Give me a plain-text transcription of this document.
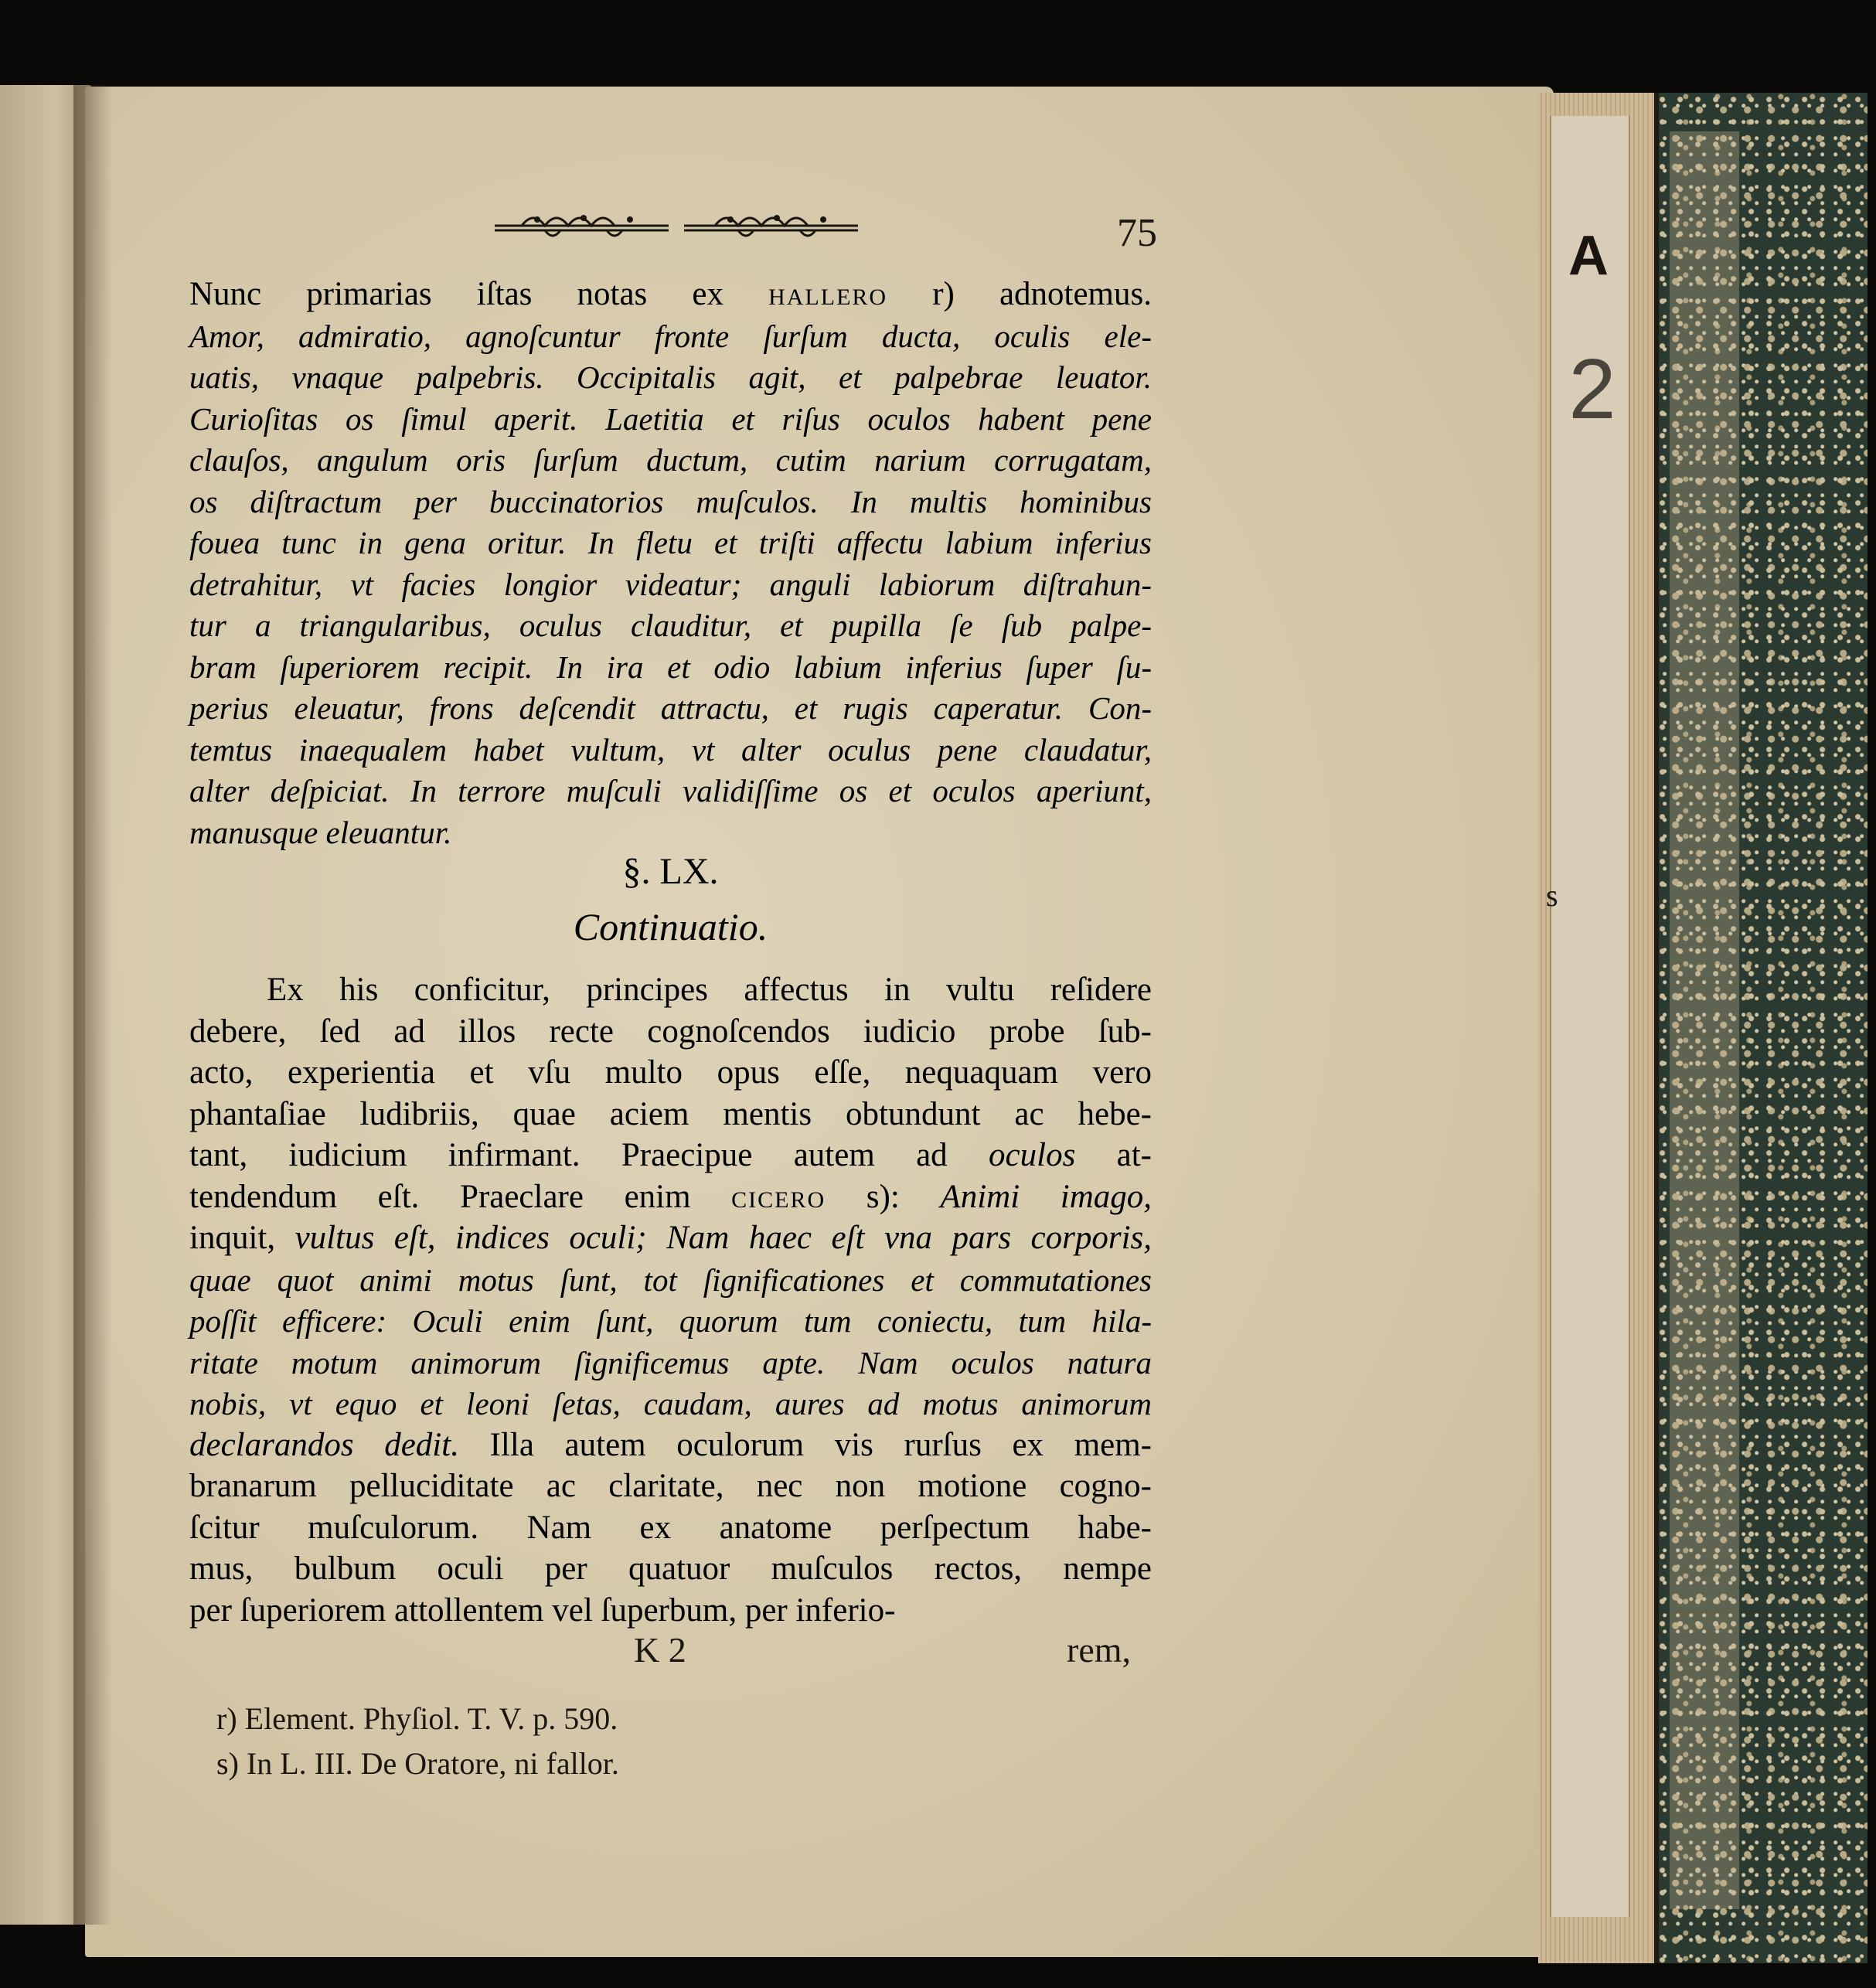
A
2
s
75
Nunc primarias iſtas notas ex hallero r) adnotemus.
Amor, admiratio, agnoſcuntur fronte ſurſum ducta, oculis ele-
uatis, vnaque palpebris. Occipitalis agit, et palpebrae leuator.
Curioſitas os ſimul aperit. Laetitia et riſus oculos habent pene
clauſos, angulum oris ſurſum ductum, cutim narium corrugatam,
os diſtractum per buccinatorios muſculos. In multis hominibus
fouea tunc in gena oritur. In fletu et triſti affectu labium inferius
detrahitur, vt facies longior videatur; anguli labiorum diſtrahun-
tur a triangularibus, oculus clauditur, et pupilla ſe ſub palpe-
bram ſuperiorem recipit. In ira et odio labium inferius ſuper ſu-
perius eleuatur, frons deſcendit attractu, et rugis caperatur. Con-
temtus inaequalem habet vultum, vt alter oculus pene claudatur,
alter deſpiciat. In terrore muſculi validiſſime os et oculos aperiunt,
manusque eleuantur.
§. LX.
Continuatio.
Ex his conficitur, principes affectus in vultu reſidere
debere, ſed ad illos recte cognoſcendos iudicio probe ſub-
acto, experientia et vſu multo opus eſſe, nequaquam vero
phantaſiae ludibriis, quae aciem mentis obtundunt ac hebe-
tant, iudicium infirmant. Praecipue autem ad oculos at-
tendendum eſt. Praeclare enim cicero s): Animi imago,
inquit, vultus eſt, indices oculi; Nam haec eſt vna pars corporis,
quae quot animi motus ſunt, tot ſignificationes et commutationes
poſſit efficere: Oculi enim ſunt, quorum tum coniectu, tum hila-
ritate motum animorum ſignificemus apte. Nam oculos natura
nobis, vt equo et leoni ſetas, caudam, aures ad motus animorum
declarandos dedit. Illa autem oculorum vis rurſus ex mem-
branarum pelluciditate ac claritate, nec non motione cogno-
ſcitur muſculorum. Nam ex anatome perſpectum habe-
mus, bulbum oculi per quatuor muſculos rectos, nempe
per ſuperiorem attollentem vel ſuperbum, per inferio-
K 2	rem,
r) Element. Phyſiol. T. V. p. 590.
s) In L. III. De Oratore, ni fallor.
